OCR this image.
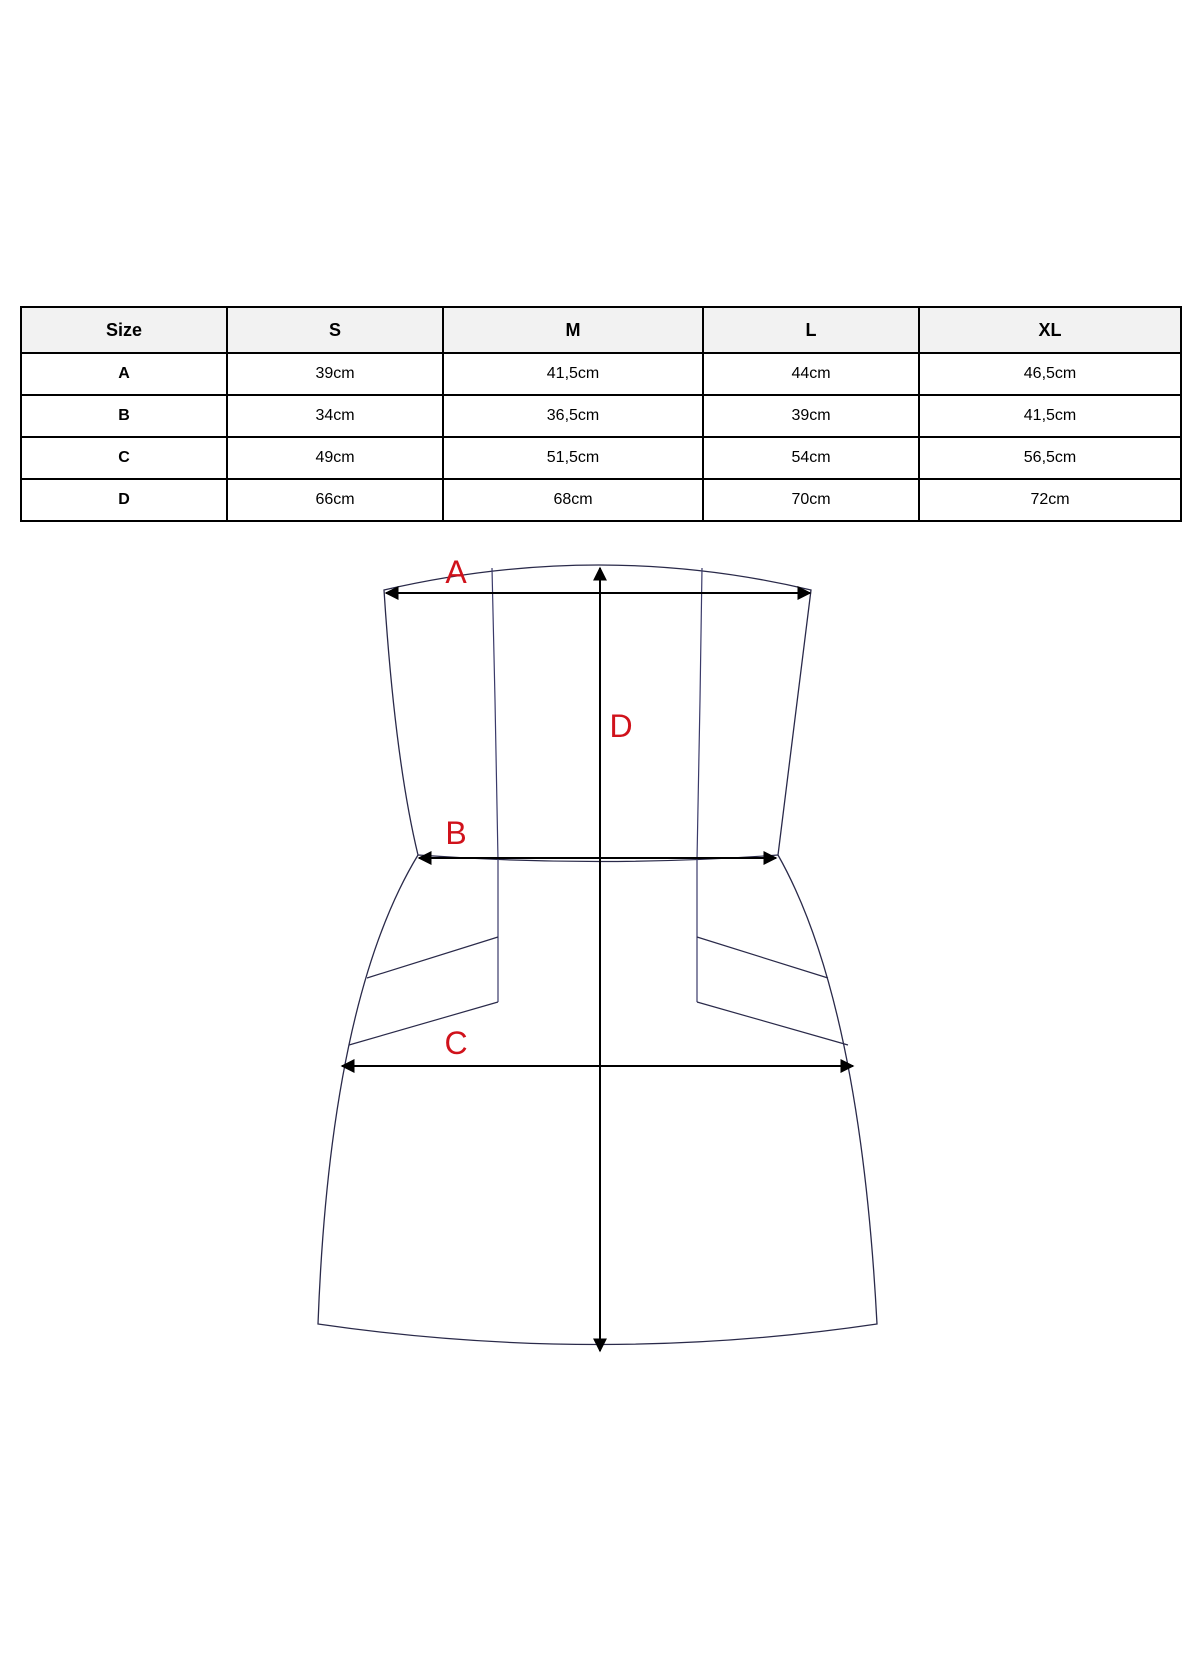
Size	S	M	L	XL
A	39cm	41,5cm	44cm	46,5cm
B	34cm	36,5cm	39cm	41,5cm
C	49cm	51,5cm	54cm	56,5cm
D	66cm	68cm	70cm	72cm
A
B
C
D
